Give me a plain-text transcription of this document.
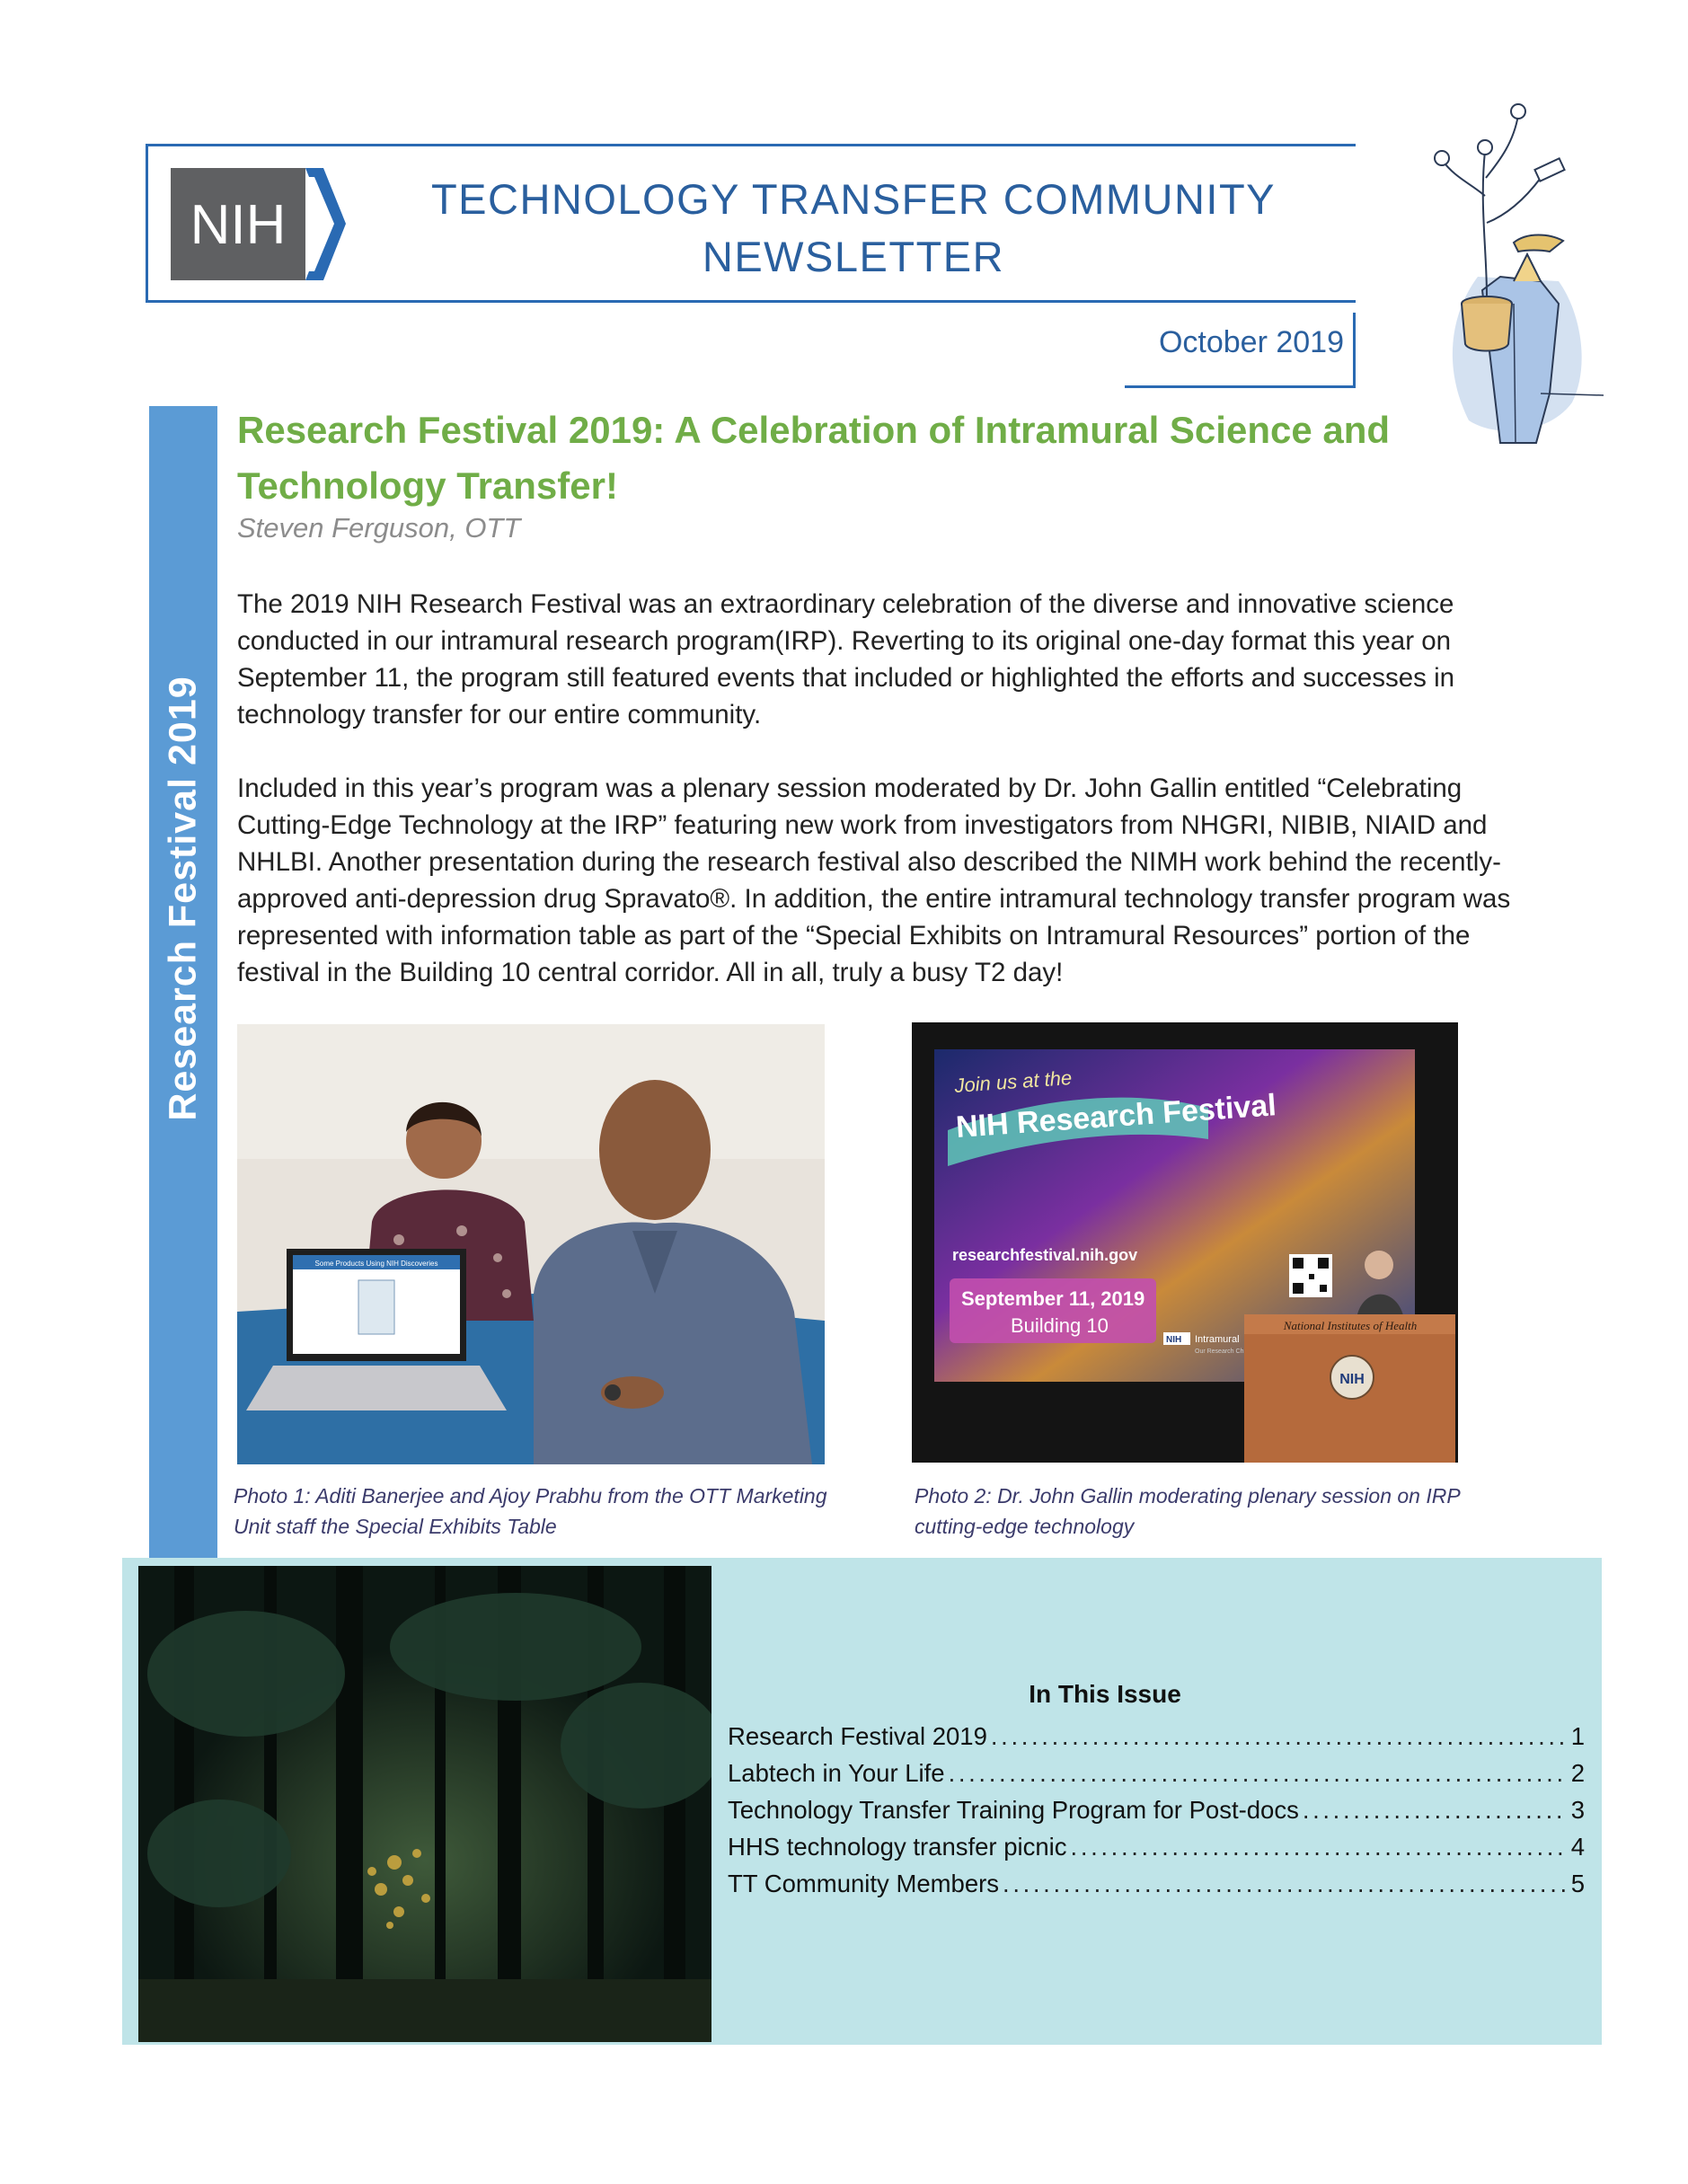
NIH	TECHNOLOGY TRANSFER COMMUNITY
NEWSLETTER
October 2019
Research Festival 2019
Research Festival 2019: A Celebration of Intramural Science and Technology Transfer!
Steven Ferguson, OTT

The 2019 NIH Research Festival was an extraordinary celebration of the diverse and innovative science conducted in our intramural research program(IRP). Reverting to its original one-day format this year on September 11, the program still featured events that included or highlighted the efforts and successes in technology transfer for our entire community.

Included in this year’s program was a plenary session moderated by Dr. John Gallin entitled “Celebrating Cutting-Edge Technology at the IRP” featuring new work from investigators from NHGRI, NIBIB, NIAID and NHLBI. Another presentation during the research festival also described the NIMH work behind the recently-approved anti-depression drug Spravato®. In addition, the entire intramural technology transfer program was represented with information table as part of the “Special Exhibits on Intramural Resources” portion of the festival in the Building 10 central corridor. All in all, truly a busy T2 day!

Some Products Using NIH Discoveries

Photo 1: Aditi Banerjee and Ajoy Prabhu from the OTT Marketing Unit staff the Special Exhibits Table

Join us at the
NIH Research Festival
researchfestival.nih.gov
September 11, 2019
Building 10
NIH Intramural
Our Research Ch
National Institutes of Health
NIH

Photo 2: Dr. John Gallin moderating plenary session on IRP cutting-edge technology

In This Issue
Research Festival 2019 . . .	1
Labtech in Your Life . . .	2
Technology Transfer Training Program for Post-docs . . .	3
HHS technology transfer picnic . . .	4
TT Community Members . . .	5
